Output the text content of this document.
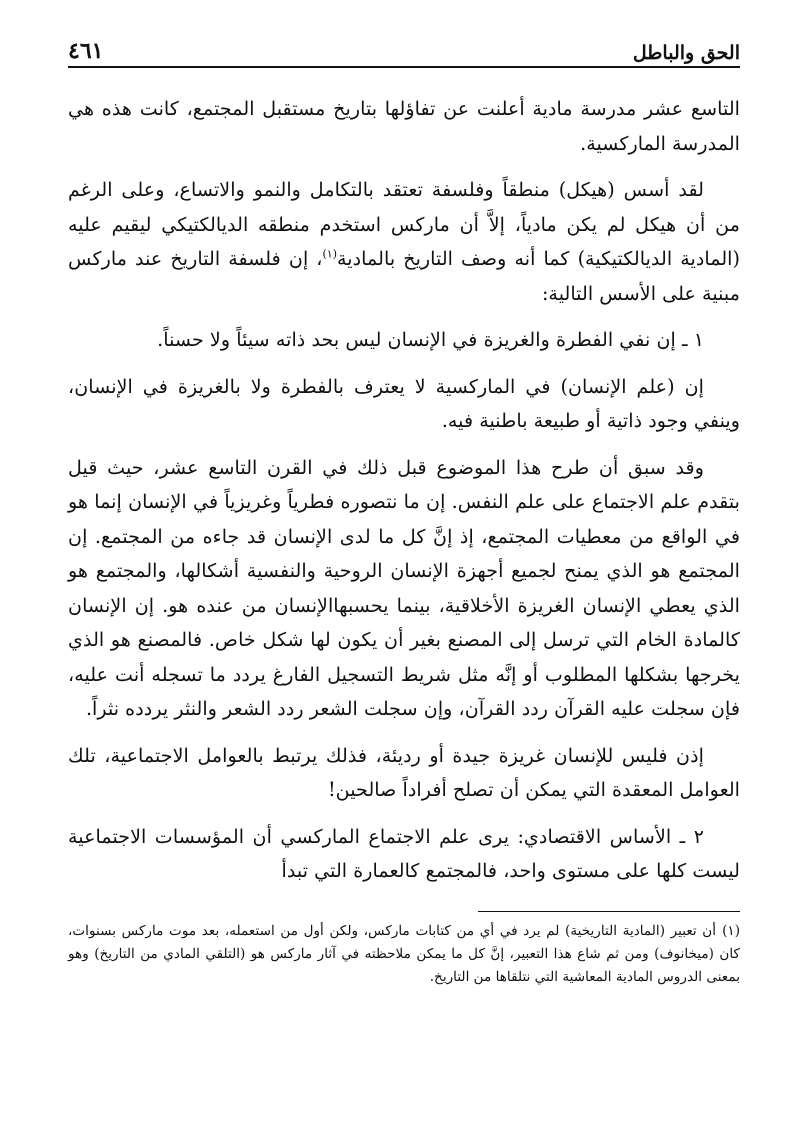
الحق والباطل
٤٦١

التاسع عشر مدرسة مادية أعلنت عن تفاؤلها بتاريخ مستقبل المجتمع، كانت هذه هي المدرسة الماركسية.

لقد أسس (هيكل) منطقاً وفلسفة تعتقد بالتكامل والنمو والاتساع، وعلى الرغم من أن هيكل لم يكن مادياً، إلاَّ أن ماركس استخدم منطقه الديالكتيكي ليقيم عليه (المادية الديالكتيكية) كما أنه وصف التاريخ بالمادية$^{(١)}$، إن فلسفة التاريخ عند ماركس مبنية على الأسس التالية:

١ ـ إن نفي الفطرة والغريزة في الإنسان ليس بحد ذاته سيئاً ولا حسناً.

إن (علم الإنسان) في الماركسية لا يعترف بالفطرة ولا بالغريزة في الإنسان، وينفي وجود ذاتية أو طبيعة باطنية فيه.

وقد سبق أن طرح هذا الموضوع قبل ذلك في القرن التاسع عشر، حيث قيل بتقدم علم الاجتماع على علم النفس. إن ما نتصوره فطرياً وغريزياً في الإنسان إنما هو في الواقع من معطيات المجتمع، إذ إنَّ كل ما لدى الإنسان قد جاءه من المجتمع. إن المجتمع هو الذي يمنح لجميع أجهزة الإنسان الروحية والنفسية أشكالها، والمجتمع هو الذي يعطي الإنسان الغريزة الأخلاقية، بينما يحسبهاالإنسان من عنده هو. إن الإنسان كالمادة الخام التي ترسل إلى المصنع بغير أن يكون لها شكل خاص. فالمصنع هو الذي يخرجها بشكلها المطلوب أو إنَّه مثل شريط التسجيل الفارغ يردد ما تسجله أنت عليه، فإن سجلت عليه القرآن ردد القرآن، وإن سجلت الشعر ردد الشعر والنثر يردده نثراً.

إذن فليس للإنسان غريزة جيدة أو رديئة، فذلك يرتبط بالعوامل الاجتماعية، تلك العوامل المعقدة التي يمكن أن تصلح أفراداً صالحين!

٢ ـ الأساس الاقتصادي: يرى علم الاجتماع الماركسي أن المؤسسات الاجتماعية ليست كلها على مستوى واحد، فالمجتمع كالعمارة التي تبدأ

(١)أن تعبير (المادية التاريخية) لم يرد في أي من كتابات ماركس، ولكن أول من استعمله، بعد موت ماركس بسنوات، كان (ميخانوف) ومن ثم شاع هذا التعبير، إنَّ كل ما يمكن ملاحظته في آثار ماركس هو (التلقي المادي من التاريخ) وهو بمعنى الدروس المادية المعاشية التي نتلقاها من التاريخ.
